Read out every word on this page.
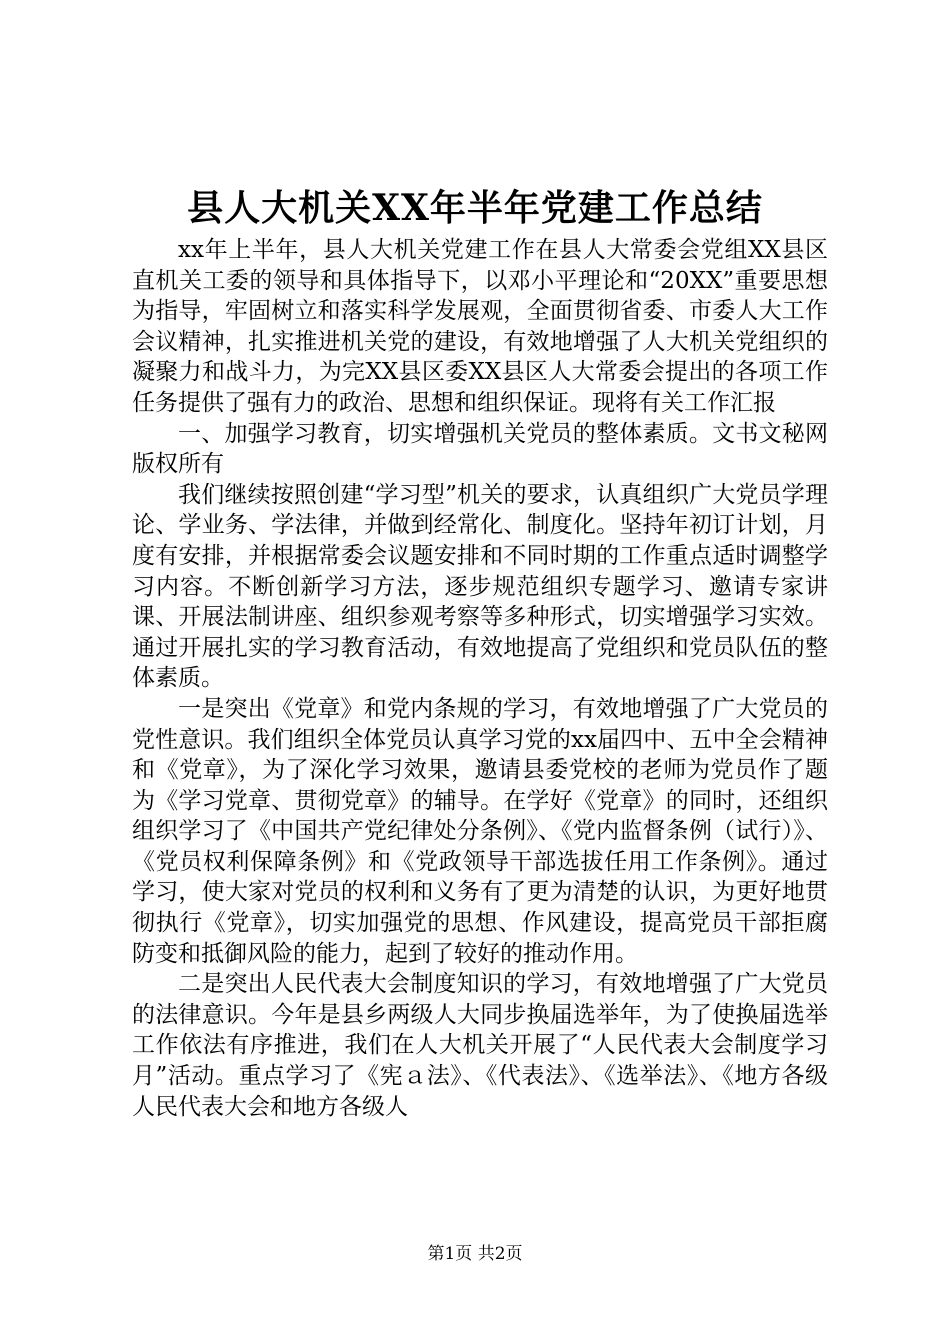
县人大机关XX年半年党建工作总结

xx年上半年，县人大机关党建工作在县人大常委会党组XX县区直机关工委的领导和具体指导下，以邓小平理论和“20XX”重要思想为指导，牢固树立和落实科学发展观，全面贯彻省委、市委人大工作会议精神，扎实推进机关党的建设，有效地增强了人大机关党组织的凝聚力和战斗力，为完XX县区委XX县区人大常委会提出的各项工作任务提供了强有力的政治、思想和组织保证。现将有关工作汇报

一、加强学习教育，切实增强机关党员的整体素质。文书文秘网版权所有

我们继续按照创建“学习型”机关的要求，认真组织广大党员学理论、学业务、学法律，并做到经常化、制度化。坚持年初订计划，月度有安排，并根据常委会议题安排和不同时期的工作重点适时调整学习内容。不断创新学习方法，逐步规范组织专题学习、邀请专家讲课、开展法制讲座、组织参观考察等多种形式，切实增强学习实效。通过开展扎实的学习教育活动，有效地提高了党组织和党员队伍的整体素质。

一是突出《党章》和党内条规的学习，有效地增强了广大党员的党性意识。我们组织全体党员认真学习党的xx届四中、五中全会精神和《党章》，为了深化学习效果，邀请县委党校的老师为党员作了题为《学习党章、贯彻党章》的辅导。在学好《党章》的同时，还组织组织学习了《中国共产党纪律处分条例》、《党内监督条例（试行）》、《党员权利保障条例》和《党政领导干部选拔任用工作条例》。通过学习，使大家对党员的权利和义务有了更为清楚的认识，为更好地贯彻执行《党章》，切实加强党的思想、作风建设，提高党员干部拒腐防变和抵御风险的能力，起到了较好的推动作用。

二是突出人民代表大会制度知识的学习，有效地增强了广大党员的法律意识。今年是县乡两级人大同步换届选举年，为了使换届选举工作依法有序推进，我们在人大机关开展了“人民代表大会制度学习月”活动。重点学习了《宪ａ法》、《代表法》、《选举法》、《地方各级人民代表大会和地方各级人

第1页 共2页
